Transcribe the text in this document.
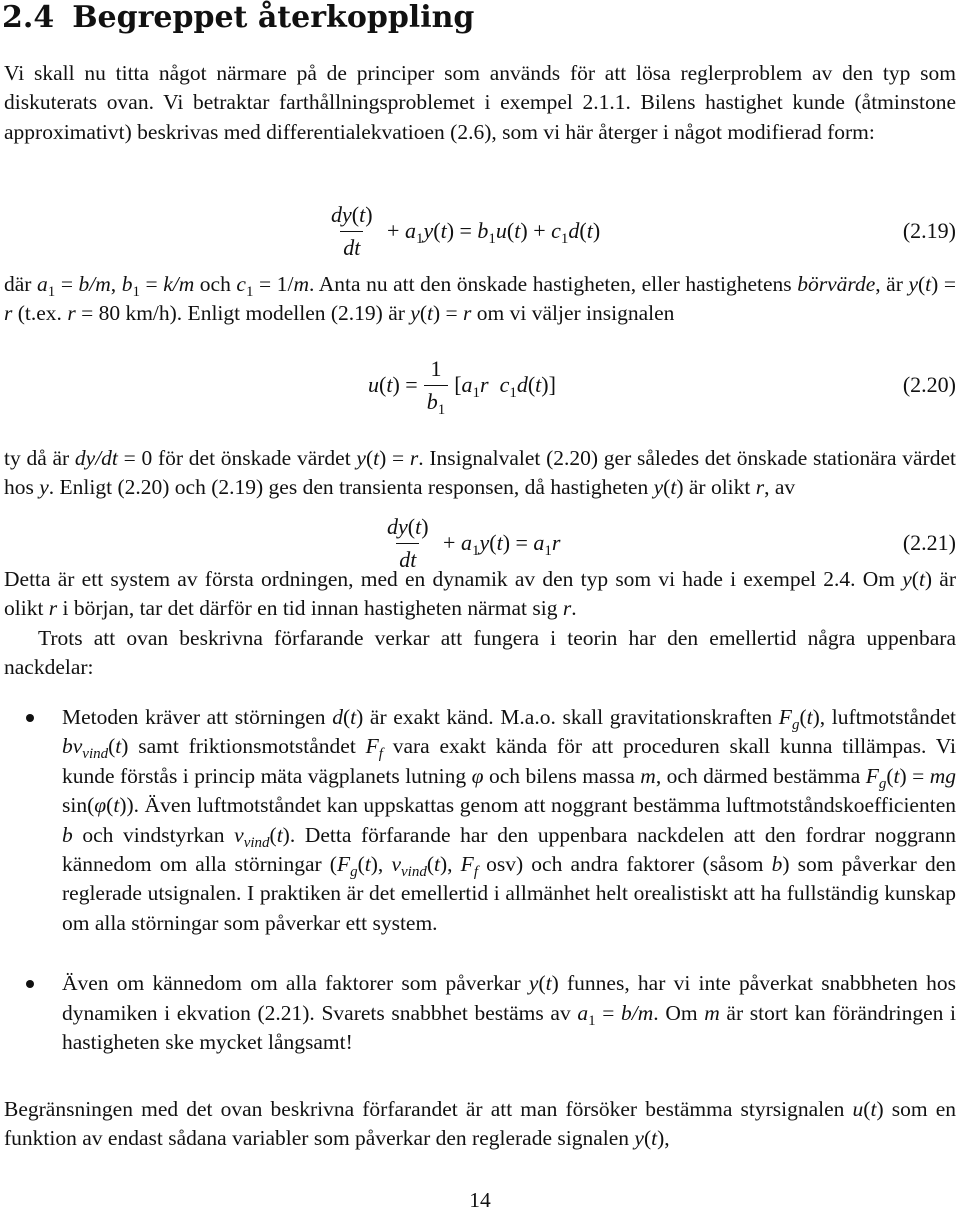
2.4 Begreppet återkoppling
Vi skall nu titta något närmare på de principer som används för att lösa reglerproblem av den typ som diskuterats ovan. Vi betraktar farthållningsproblemet i exempel 2.1.1. Bilens hastighet kunde (åtminstone approximativt) beskrivas med differentialekvatioen (2.6), som vi här återger i något modifierad form:
$\frac{dy(t)}{dt} + a_1y(t) = b_1u(t) + c_1d(t)$	(2.19)
där $a_1 = b/m$, $b_1 = k/m$ och $c_1 = 1/m$. Anta nu att den önskade hastigheten, eller hastighetens börvärde, är y(t) = r (t.ex. r = 80 km/h). Enligt modellen (2.19) är y(t) = r om vi väljer insignalen
$u(t) = \frac{1}{b_1} [a_1r$ $c_1d(t)$]	(2.20)
ty då är dy/dt = 0 för det önskade värdet y(t) = r. Insignalvalet (2.20) ger således det önskade stationära värdet hos y. Enligt (2.20) och (2.19) ges den transienta responsen, då hastigheten y(t) är olikt r, av
$\frac{dy(t)}{dt} + a_1y(t) = a_1r$	(2.21)
Detta är ett system av första ordningen, med en dynamik av den typ som vi hade i exempel 2.4. Om y(t) är olikt r i början, tar det därför en tid innan hastigheten närmat sig r.
Trots att ovan beskrivna förfarande verkar att fungera i teorin har den emellertid några uppenbara nackdelar:
Metoden kräver att störningen d(t) är exakt känd. M.a.o. skall gravitationskraften $F_g(t)$, luftmotståndet $bv_{vind}(t)$ samt friktionsmotståndet $F_f$ vara exakt kända för att proceduren skall kunna tillämpas. Vi kunde förstås i princip mäta vägplanets lutning φ och bilens massa m, och därmed bestämma $F_g(t)$ = mg sin(φ(t)). Även luftmotståndet kan uppskattas genom att noggrant bestämma luftmotståndskoefficienten b och vindstyrkan $v_{vind}(t)$. Detta förfarande har den uppenbara nackdelen att den fordrar noggrann kännedom om alla störningar ($F_g(t)$, $v_{vind}(t)$, $F_f$ osv) och andra faktorer (såsom b) som påverkar den reglerade utsignalen. I praktiken är det emellertid i allmänhet helt orealistiskt att ha fullständig kunskap om alla störningar som påverkar ett system.
Även om kännedom om alla faktorer som påverkar y(t) funnes, har vi inte påverkat snabbheten hos dynamiken i ekvation (2.21). Svarets snabbhet bestäms av $a_1 = b/m$. Om m är stort kan förändringen i hastigheten ske mycket långsamt!
Begränsningen med det ovan beskrivna förfarandet är att man försöker bestämma styrsignalen u(t) som en funktion av endast sådana variabler som påverkar den reglerade signalen y(t),
14
